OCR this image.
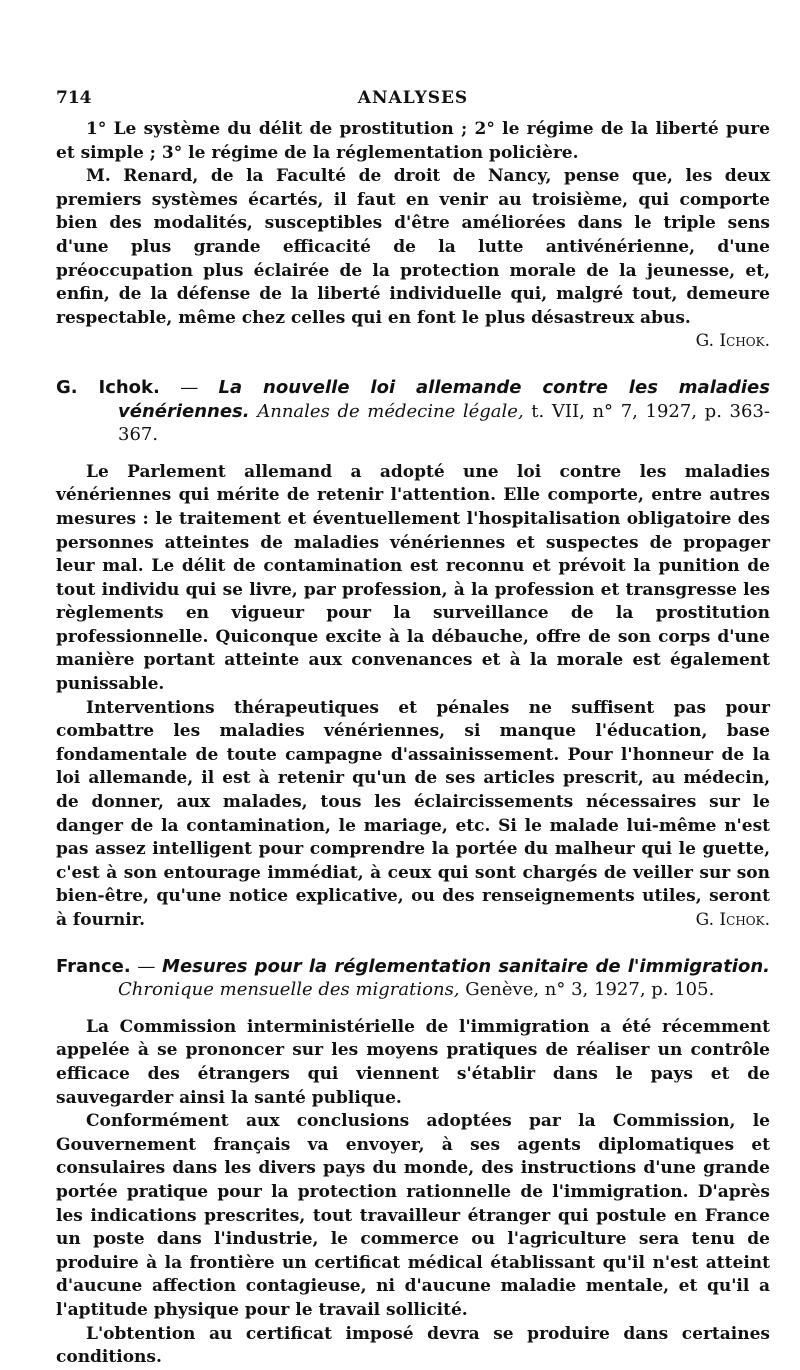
714	ANALYSES

1° Le système du délit de prostitution ; 2° le régime de la liberté pure et simple ; 3° le régime de la réglementation policière.

M. Renard, de la Faculté de droit de Nancy, pense que, les deux premiers systèmes écartés, il faut en venir au troisième, qui comporte bien des modalités, susceptibles d'être améliorées dans le triple sens d'une plus grande efficacité de la lutte antivénérienne, d'une préoccupation plus éclairée de la protection morale de la jeunesse, et, enfin, de la défense de la liberté individuelle qui, malgré tout, demeure respectable, même chez celles qui en font le plus désastreux abus.
G. Ichok.

G. Ichok. — La nouvelle loi allemande contre les maladies vénériennes. Annales de médecine légale, t. VII, n° 7, 1927, p. 363-367.

Le Parlement allemand a adopté une loi contre les maladies vénériennes qui mérite de retenir l'attention. Elle comporte, entre autres mesures : le traitement et éventuellement l'hospitalisation obligatoire des personnes atteintes de maladies vénériennes et suspectes de propager leur mal. Le délit de contamination est reconnu et prévoit la punition de tout individu qui se livre, par profession, à la profession et transgresse les règlements en vigueur pour la surveillance de la prostitution professionnelle. Quiconque excite à la débauche, offre de son corps d'une manière portant atteinte aux convenances et à la morale est également punissable.

Interventions thérapeutiques et pénales ne suffisent pas pour combattre les maladies vénériennes, si manque l'éducation, base fondamentale de toute campagne d'assainissement. Pour l'honneur de la loi allemande, il est à retenir qu'un de ses articles prescrit, au médecin, de donner, aux malades, tous les éclaircissements nécessaires sur le danger de la contamination, le mariage, etc. Si le malade lui-même n'est pas assez intelligent pour comprendre la portée du malheur qui le guette, c'est à son entourage immédiat, à ceux qui sont chargés de veiller sur son bien-être, qu'une notice explicative, ou des renseignements utiles, seront à fournir.	G. Ichok.

France. — Mesures pour la réglementation sanitaire de l'immigration. Chronique mensuelle des migrations, Genève, n° 3, 1927, p. 105.

La Commission interministérielle de l'immigration a été récemment appelée à se prononcer sur les moyens pratiques de réaliser un contrôle efficace des étrangers qui viennent s'établir dans le pays et de sauvegarder ainsi la santé publique.

Conformément aux conclusions adoptées par la Commission, le Gouvernement français va envoyer, à ses agents diplomatiques et consulaires dans les divers pays du monde, des instructions d'une grande portée pratique pour la protection rationnelle de l'immigration. D'après les indications prescrites, tout travailleur étranger qui postule en France un poste dans l'industrie, le commerce ou l'agriculture sera tenu de produire à la frontière un certificat médical établissant qu'il n'est atteint d'aucune affection contagieuse, ni d'aucune maladie mentale, et qu'il a l'aptitude physique pour le travail sollicité.

L'obtention au certificat imposé devra se produire dans certaines conditions.
